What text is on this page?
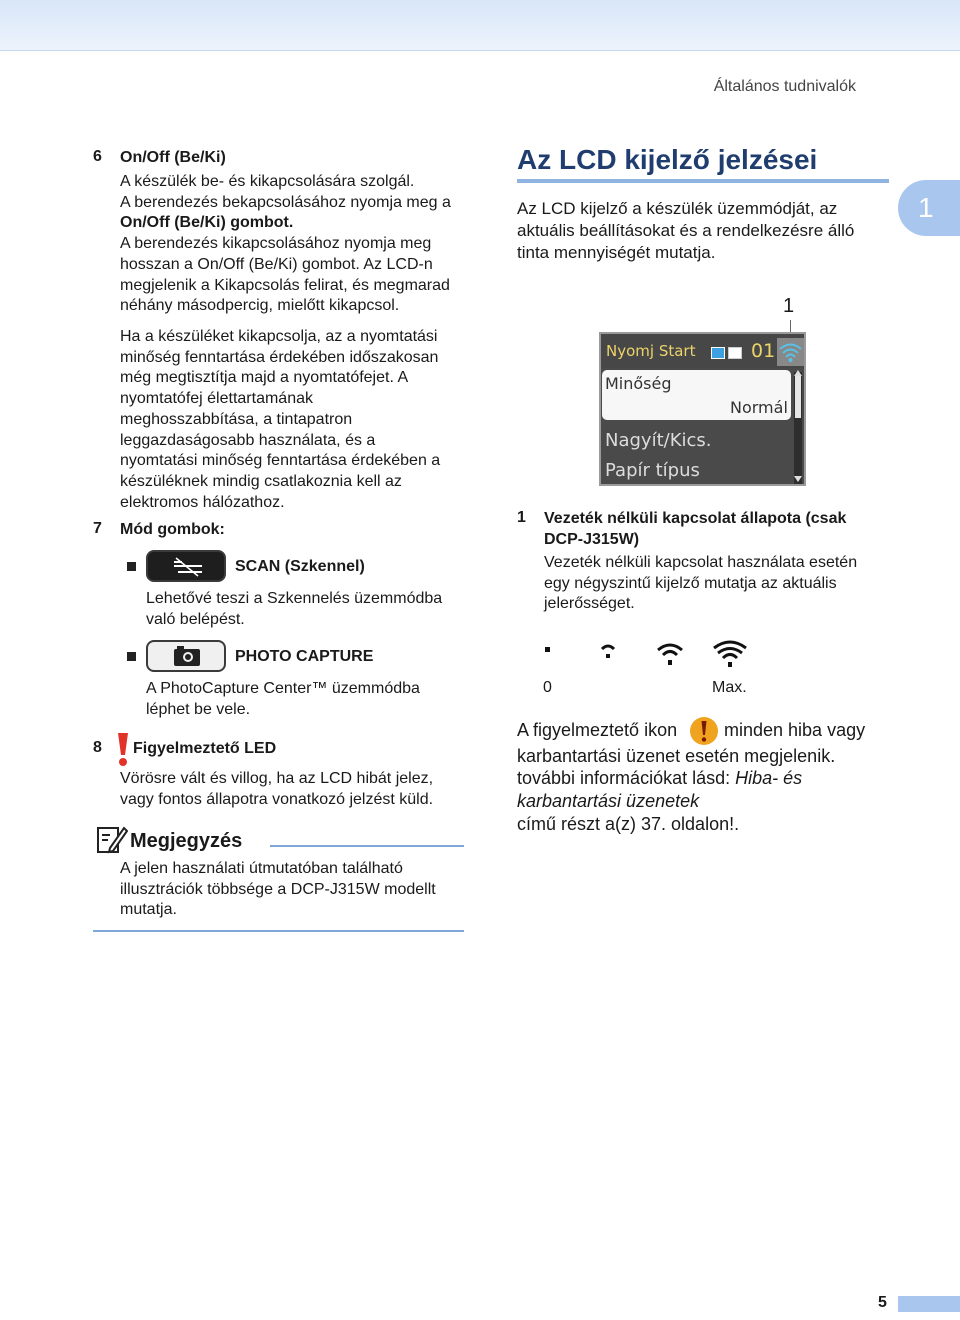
Általános tudnivalók
6 On/Off (Be/Ki)
A készülék be- és kikapcsolására szolgál.
A berendezés bekapcsolásához nyomja meg a
On/Off (Be/Ki) gombot.
A berendezés kikapcsolásához nyomja meg
hosszan a On/Off (Be/Ki) gombot. Az LCD-n
megjelenik a Kikapcsolás felirat, és megmarad
néhány másodpercig, mielőtt kikapcsol.
Ha a készüléket kikapcsolja, az a nyomtatási
minőség fenntartása érdekében időszakosan
még megtisztítja majd a nyomtatófejet. A
nyomtatófej élettartamának
meghosszabbítása, a tintapatron
leggazdaságosabb használata, és a
nyomtatási minőség fenntartása érdekében a
készüléknek mindig csatlakoznia kell az
elektromos hálózathoz.
7 Mód gombok:
SCAN (Szkennel)
Lehetővé teszi a Szkennelés üzemmódba
való belépést.
PHOTO CAPTURE
A PhotoCapture Center™ üzemmódba
léphet be vele.
8 Figyelmeztető LED
Vörösre vált és villog, ha az LCD hibát jelez,
vagy fontos állapotra vonatkozó jelzést küld.
Megjegyzés
A jelen használati útmutatóban található
illusztrációk többsége a DCP-J315W modellt
mutatja.
Az LCD kijelző jelzései
1
Az LCD kijelző a készülék üzemmódját, az
aktuális beállításokat és a rendelkezésre álló
tinta mennyiségét mutatja.
1
Nyomj Start	01
Minőség
Normál
Nagyít/Kics.
Papír típus
1 Vezeték nélküli kapcsolat állapota (csak
DCP-J315W)
Vezeték nélküli kapcsolat használata esetén
egy négyszintű kijelző mutatja az aktuális
jelerősséget.
0	Max.
A figyelmeztető ikon	minden hiba vagy
karbantartási üzenet esetén megjelenik.
további információkat lásd: Hiba- és
karbantartási üzenetek
című részt a(z) 37. oldalon!.
5
